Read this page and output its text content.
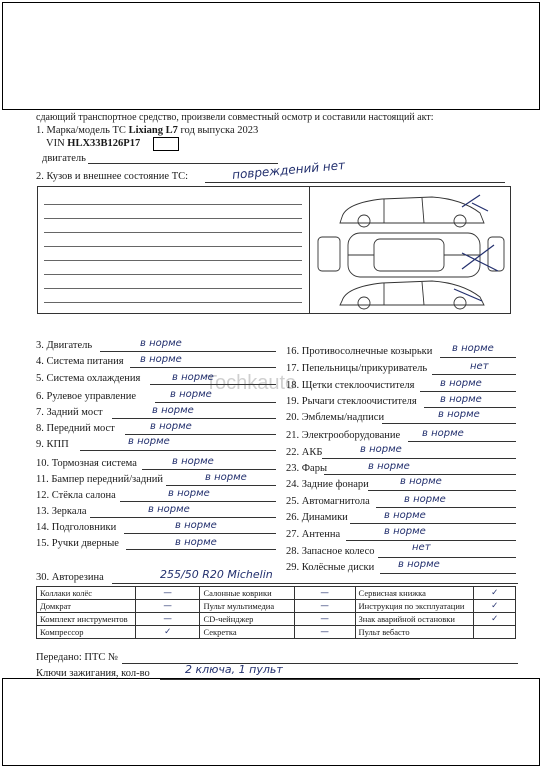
сдающий транспортное средство, произвели совместный осмотр и составили настоящий акт:
1. Марка/модель ТС Lixiang L7 год выпуска 2023
VIN HLX33B126P17
двигатель
2. Кузов и внешнее состояние ТС:	повреждений нет
Tochkauto
3. Двигатель	в норме
4. Система питания в норме
5. Система охлаждения	в норме
6. Рулевое управление	в норме
7. Задний мост	в норме
8. Передний мост	в норме
9. КПП	в норме
10. Тормозная система	в норме
11. Бампер передний/задний	в норме
12. Стёкла салона	в норме
13. Зеркала	в норме
14. Подголовники	в норме
15. Ручки дверные	в норме
16. Противосолнечные козырьки в норме
17. Пепельницы/прикуриватель	нет
18. Щетки стеклоочистителя	в норме
19. Рычаги стеклоочистителя в норме
20. Эмблемы/надписи	в норме
21. Электрооборудование в норме
22. АКБ	в норме
23. Фары	в норме
24. Задние фонари	в норме
25. Автомагнитола	в норме
26. Динамики	в норме
27. Антенна	в норме
28. Запасное колесо	нет
29. Колёсные диски в норме
30. Авторезина	255/50 R20 Michelin
Коллаки колёс	—	Салонные коврики	—	Сервисная книжка	✓
Домкрат	—	Пульт мультимедиа	—	Инструкция по эксплуатации	✓
Комплект инструментов	—	CD-чейнджер	—	Знак аварийной остановки	✓
Компрессор	✓	Секретка	—	Пульт вебасто	
Передано: ПТС №
Ключи зажигания, кол-во	2 ключа, 1 пульт
